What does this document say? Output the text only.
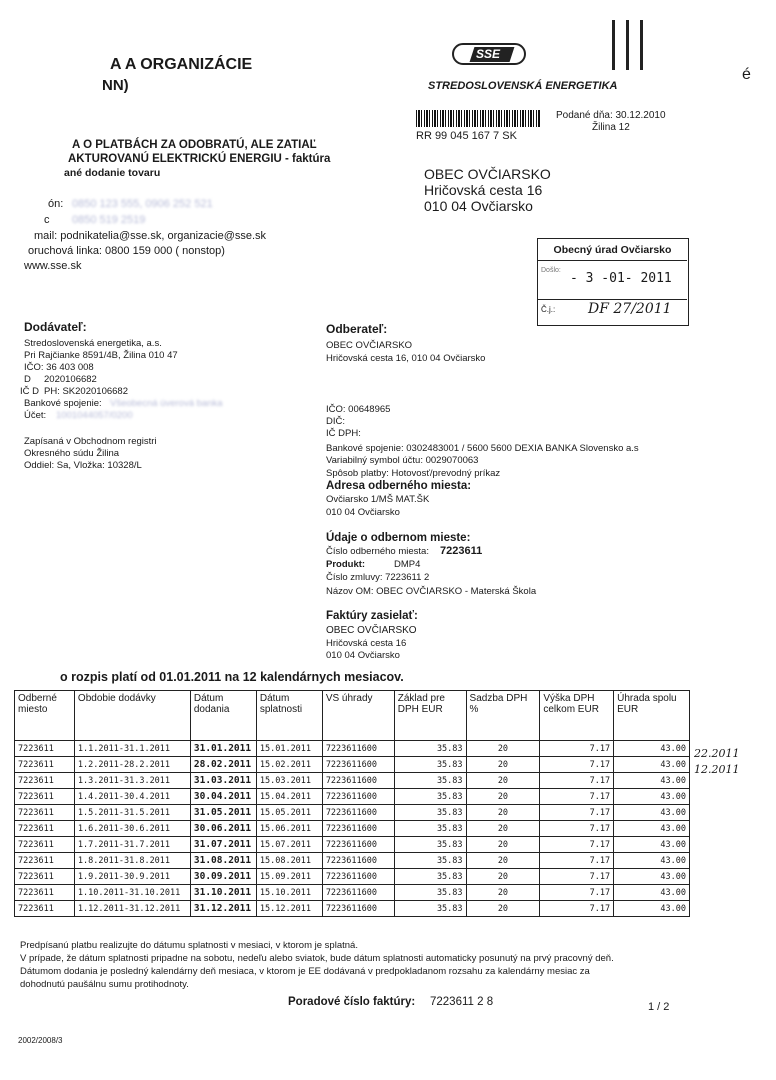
A A ORGANIZÁCIE
NN)
é
A O PLATBÁCH ZA ODOBRATÚ, ALE ZATIAĽ
AKTUROVANÚ ELEKTRICKÚ ENERGIU - faktúra
ané dodanie tovaru
ón: 0850 123 555, 0906 252 521
c 0850 519 2519
mail: podnikatelia@sse.sk, organizacie@sse.sk
oruchová linka: 0800 159 000 ( nonstop)
www.sse.sk
SSE
STREDOSLOVENSKÁ ENERGETIKA
RR 99 045 167 7 SK
Podané dňa: 30.12.2010
Žilina 12
OBEC OVČIARSKO
Hričovská cesta 16
010 04 Ovčiarsko
Obecný úrad Ovčiarsko
Došlo:
- 3 -01- 2011
Č.j.: DF 27/2011
Dodávateľ:
Stredoslovenská energetika, a.s.
Pri Rajčianke 8591/4B, Žilina 010 47
IČO: 36 403 008
D 2020106682
IČ D PH: SK2020106682
Bankové spojenie: Všeobecná úverová banka
Účet: 1001044057/0200
Zapísaná v Obchodnom registri
Okresného súdu Žilina
Oddiel: Sa, Vložka: 10328/L
Odberateľ:
OBEC OVČIARSKO
Hričovská cesta 16, 010 04 Ovčiarsko
IČO: 00648965
DIČ:
IČ DPH:
Bankové spojenie: 0302483001 / 5600 5600 DEXIA BANKA Slovensko a.s
Variabilný symbol účtu: 0029070063
Spôsob platby: Hotovosť/prevodný príkaz
Adresa odberného miesta:
Ovčiarsko 1/MŠ MAT.ŠK
010 04 Ovčiarsko
Údaje o odbernom mieste:
Číslo odberného miesta: 7223611
Produkt:	DMP4
Číslo zmluvy: 7223611 2
Názov OM: OBEC OVČIARSKO - Materská Škola
Faktúry zasielať:
OBEC OVČIARSKO
Hričovská cesta 16
010 04 Ovčiarsko
o rozpis platí od 01.01.2011 na 12 kalendárnych mesiacov.
Odberné miesto	Obdobie dodávky	Dátum dodania	Dátum splatnosti	VS úhrady	Základ pre DPH EUR	Sadzba DPH %	Výška DPH celkom EUR	Úhrada spolu EUR
7223611	1.1.2011-31.1.2011	31.01.2011	15.01.2011	7223611600	35.83	20	7.17	43.00
7223611	1.2.2011-28.2.2011	28.02.2011	15.02.2011	7223611600	35.83	20	7.17	43.00
7223611	1.3.2011-31.3.2011	31.03.2011	15.03.2011	7223611600	35.83	20	7.17	43.00
7223611	1.4.2011-30.4.2011	30.04.2011	15.04.2011	7223611600	35.83	20	7.17	43.00
7223611	1.5.2011-31.5.2011	31.05.2011	15.05.2011	7223611600	35.83	20	7.17	43.00
7223611	1.6.2011-30.6.2011	30.06.2011	15.06.2011	7223611600	35.83	20	7.17	43.00
7223611	1.7.2011-31.7.2011	31.07.2011	15.07.2011	7223611600	35.83	20	7.17	43.00
7223611	1.8.2011-31.8.2011	31.08.2011	15.08.2011	7223611600	35.83	20	7.17	43.00
7223611	1.9.2011-30.9.2011	30.09.2011	15.09.2011	7223611600	35.83	20	7.17	43.00
7223611	1.10.2011-31.10.2011	31.10.2011	15.10.2011	7223611600	35.83	20	7.17	43.00
7223611	1.12.2011-31.12.2011	31.12.2011	15.12.2011	7223611600	35.83	20	7.17	43.00
22.2011
12.2011
Predpísanú platbu realizujte do dátumu splatnosti v mesiaci, v ktorom je splatná.
V prípade, že dátum splatnosti pripadne na sobotu, nedeľu alebo sviatok, bude dátum splatnosti automaticky posunutý na prvý pracovný deň.
Dátumom dodania je posledný kalendárny deň mesiaca, v ktorom je EE dodávaná v predpokladanom rozsahu za kalendárny mesiac za
dohodnutú paušálnu sumu protihodnoty.
Poradové číslo faktúry: 7223611 2 8	1 / 2
2002/2008/3
